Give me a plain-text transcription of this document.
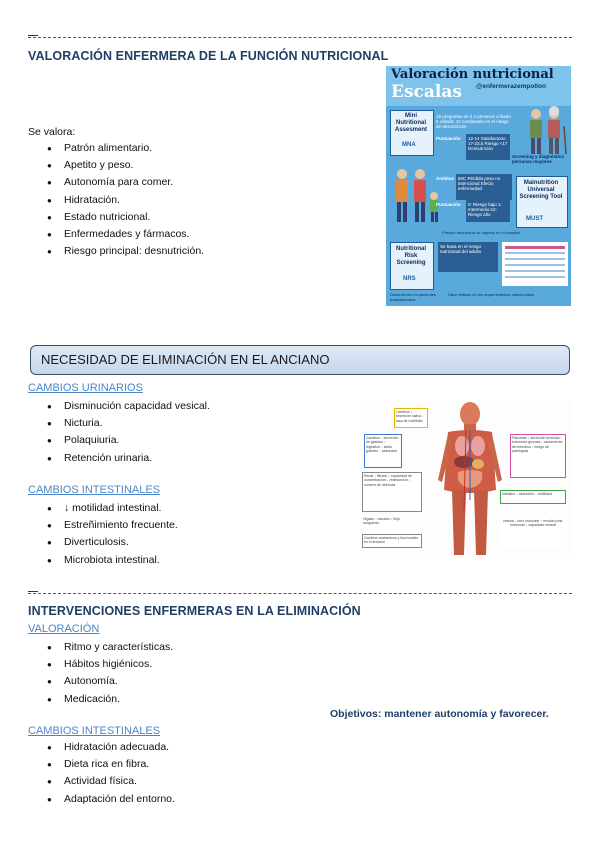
VALORACIÓN ENFERMERA DE LA FUNCIÓN NUTRICIONAL
Se valora:
● Patrón alimentario.
● Apetito y peso.
● Autonomía para comer.
● Hidratación.
● Estado nutricional.
● Enfermedades y fármacos.
● Riesgo principal: desnutrición.
Valoración nutricional
Escalas @enfermerazempollon
Mini Nutritional Assesment
MNA
18 preguntas en 2 o primeros cribado 6 cribado 12 combinado en el riesgo de desnutrición
Puntuación 12-14 Satisfactorio 17-23,5 Riesgo <17 Desnutrición
Screening y diagnóstico personas mayores
Ámbitos IMC Pérdida peso no intencional Efecto enfermedad
Puntuación 0: Riesgo bajo 1: Intermedio ≥2: Riesgo alto
Malnutrition Universal Screening Tool
MUST
Predice frecuencia de ingreso en el hospital
Nutritional Risk Screening
NRS
Se basa en el riesgo nutricional del adulto
Desnutrición en pacientes hospitalizados
Hace énfasis en los requerimientos nutricionales
NECESIDAD DE ELIMINACIÓN EN EL ANCIANO
CAMBIOS URINARIOS
● Disminución capacidad vesical.
● Nicturia.
● Polaquiuria.
● Retención urinaria.
CAMBIOS INTESTINALES
● ↓ motilidad intestinal.
● Estreñimiento frecuente.
● Diverticulosis.
● Microbiota intestinal.
Cambios ↓ secreción saliva ↓ tasa de motilidad
Cambios ↓ secreción de gástrico ↓ digestión ↓ ácido gástrico ↓ absorción
Páncreas ↓ secreción enzimas ↓ tolerancia glucosa ↓ vaciamiento del intestino ↑ riesgo de patologías
Renal ↓ filtrado ↓ capacidad de concentración ↓ reabsorción ↓ número de nefronas
Intestino ↓ absorción ↓ motilidad
Vesical ↓ tono muscular ↑ residuo post-miccional ↓ capacidad vesical
Cambios anatómicos y funcionales en el anciano
Hígado ↓ tamaño ↓ flujo sanguíneo
INTERVENCIONES ENFERMERAS EN LA ELIMINACIÓN
VALORACIÓN
● Ritmo y características.
● Hábitos higiénicos.
● Autonomía.
● Medicación.
Objetivos: mantener autonomía y favorecer.
CAMBIOS INTESTINALES
● Hidratación adecuada.
● Dieta rica en fibra.
● Actividad física.
● Adaptación del entorno.
